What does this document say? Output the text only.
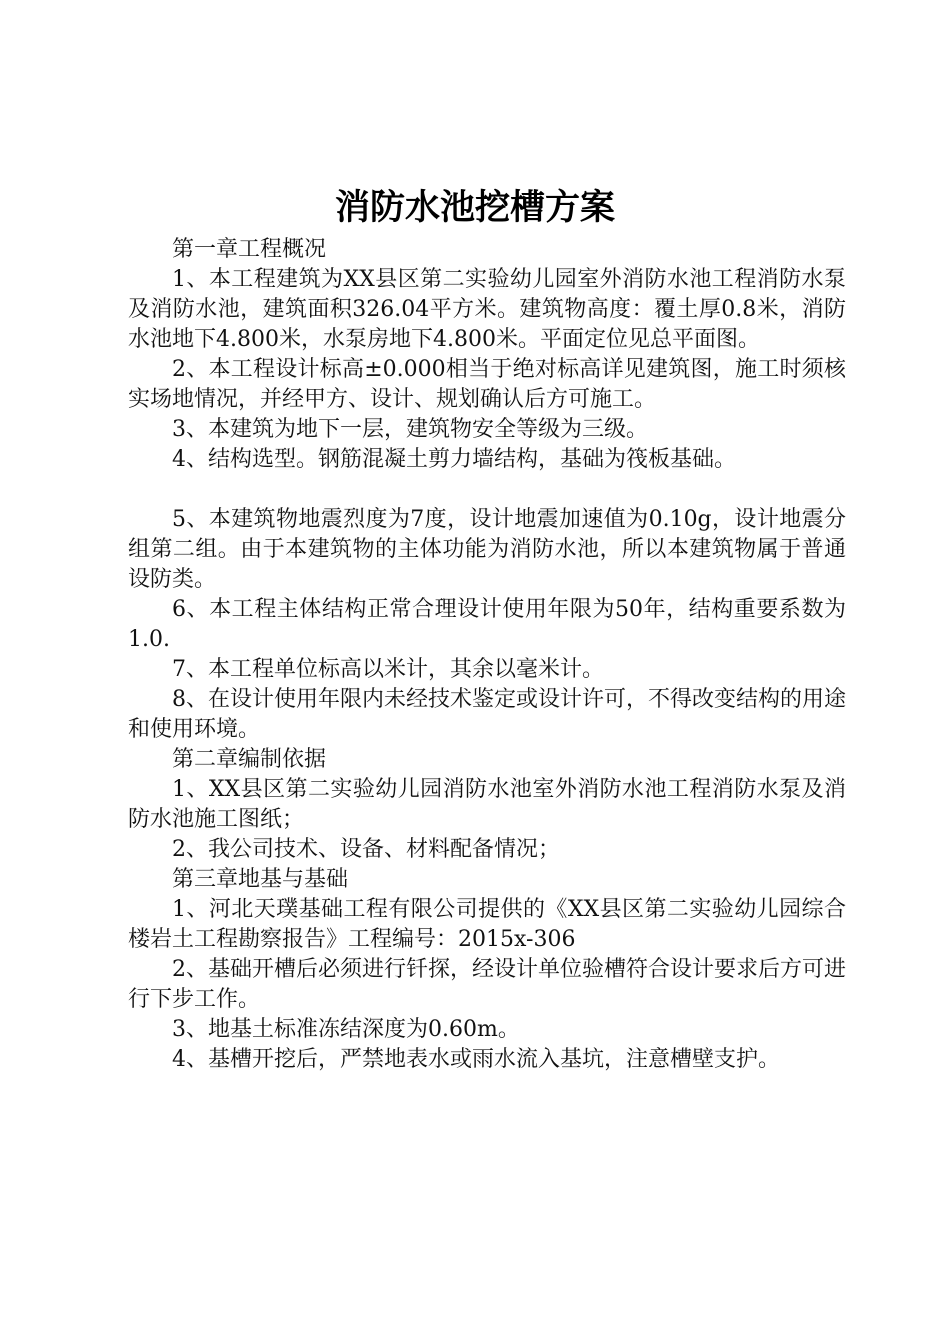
消防水池挖槽方案

第一章工程概况

1、本工程建筑为XX县区第二实验幼儿园室外消防水池工程消防水泵及消防水池，建筑面积326.04平方米。建筑物高度：覆土厚0.8米，消防水池地下4.800米，水泵房地下4.800米。平面定位见总平面图。

2、本工程设计标高±0.000相当于绝对标高详见建筑图，施工时须核实场地情况，并经甲方、设计、规划确认后方可施工。

3、本建筑为地下一层，建筑物安全等级为三级。

4、结构选型。钢筋混凝土剪力墙结构，基础为筏板基础。

5、本建筑物地震烈度为7度，设计地震加速值为0.10g，设计地震分组第二组。由于本建筑物的主体功能为消防水池，所以本建筑物属于普通设防类。

6、本工程主体结构正常合理设计使用年限为50年，结构重要系数为1.0.

7、本工程单位标高以米计，其余以毫米计。

8、在设计使用年限内未经技术鉴定或设计许可，不得改变结构的用途和使用环境。

第二章编制依据

1、XX县区第二实验幼儿园消防水池室外消防水池工程消防水泵及消防水池施工图纸；

2、我公司技术、设备、材料配备情况；

第三章地基与基础

1、河北天璞基础工程有限公司提供的《XX县区第二实验幼儿园综合楼岩土工程勘察报告》工程编号：2015x-306

2、基础开槽后必须进行钎探，经设计单位验槽符合设计要求后方可进行下步工作。

3、地基土标准冻结深度为0.60m。

4、基槽开挖后，严禁地表水或雨水流入基坑，注意槽壁支护。
